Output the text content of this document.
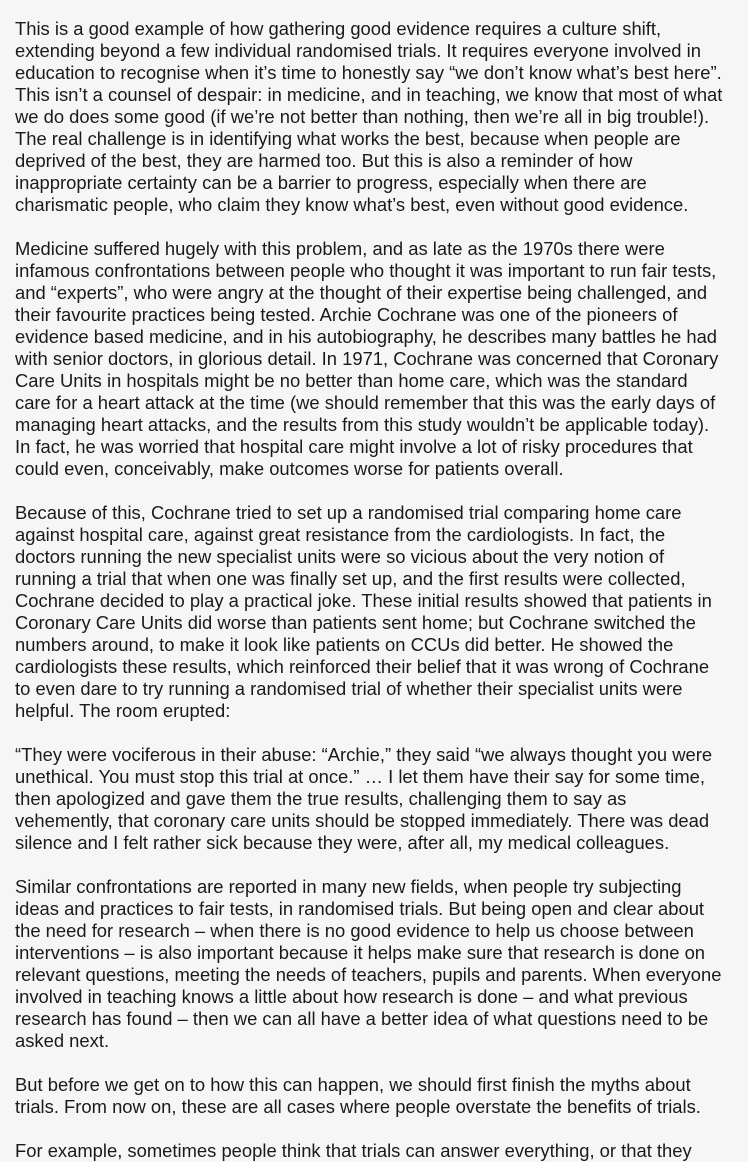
This is a good example of how gathering good evidence requires a culture shift,
extending beyond a few individual randomised trials. It requires everyone involved in
education to recognise when it’s time to honestly say “we don’t know what’s best here”.
This isn’t a counsel of despair: in medicine, and in teaching, we know that most of what
we do does some good (if we’re not better than nothing, then we’re all in big trouble!).
The real challenge is in identifying what works the best, because when people are
deprived of the best, they are harmed too. But this is also a reminder of how
inappropriate certainty can be a barrier to progress, especially when there are
charismatic people, who claim they know what’s best, even without good evidence.

Medicine suffered hugely with this problem, and as late as the 1970s there were
infamous confrontations between people who thought it was important to run fair tests,
and “experts”, who were angry at the thought of their expertise being challenged, and
their favourite practices being tested. Archie Cochrane was one of the pioneers of
evidence based medicine, and in his autobiography, he describes many battles he had
with senior doctors, in glorious detail. In 1971, Cochrane was concerned that Coronary
Care Units in hospitals might be no better than home care, which was the standard
care for a heart attack at the time (we should remember that this was the early days of
managing heart attacks, and the results from this study wouldn’t be applicable today).
In fact, he was worried that hospital care might involve a lot of risky procedures that
could even, conceivably, make outcomes worse for patients overall.

Because of this, Cochrane tried to set up a randomised trial comparing home care
against hospital care, against great resistance from the cardiologists. In fact, the
doctors running the new specialist units were so vicious about the very notion of
running a trial that when one was finally set up, and the first results were collected,
Cochrane decided to play a practical joke. These initial results showed that patients in
Coronary Care Units did worse than patients sent home; but Cochrane switched the
numbers around, to make it look like patients on CCUs did better. He showed the
cardiologists these results, which reinforced their belief that it was wrong of Cochrane
to even dare to try running a randomised trial of whether their specialist units were
helpful. The room erupted:

“They were vociferous in their abuse: “Archie,” they said “we always thought you were
unethical. You must stop this trial at once.” … I let them have their say for some time,
then apologized and gave them the true results, challenging them to say as
vehemently, that coronary care units should be stopped immediately. There was dead
silence and I felt rather sick because they were, after all, my medical colleagues.

Similar confrontations are reported in many new fields, when people try subjecting
ideas and practices to fair tests, in randomised trials. But being open and clear about
the need for research – when there is no good evidence to help us choose between
interventions – is also important because it helps make sure that research is done on
relevant questions, meeting the needs of teachers, pupils and parents. When everyone
involved in teaching knows a little about how research is done – and what previous
research has found – then we can all have a better idea of what questions need to be
asked next.

But before we get on to how this can happen, we should first finish the myths about
trials. From now on, these are all cases where people overstate the benefits of trials.

For example, sometimes people think that trials can answer everything, or that they
